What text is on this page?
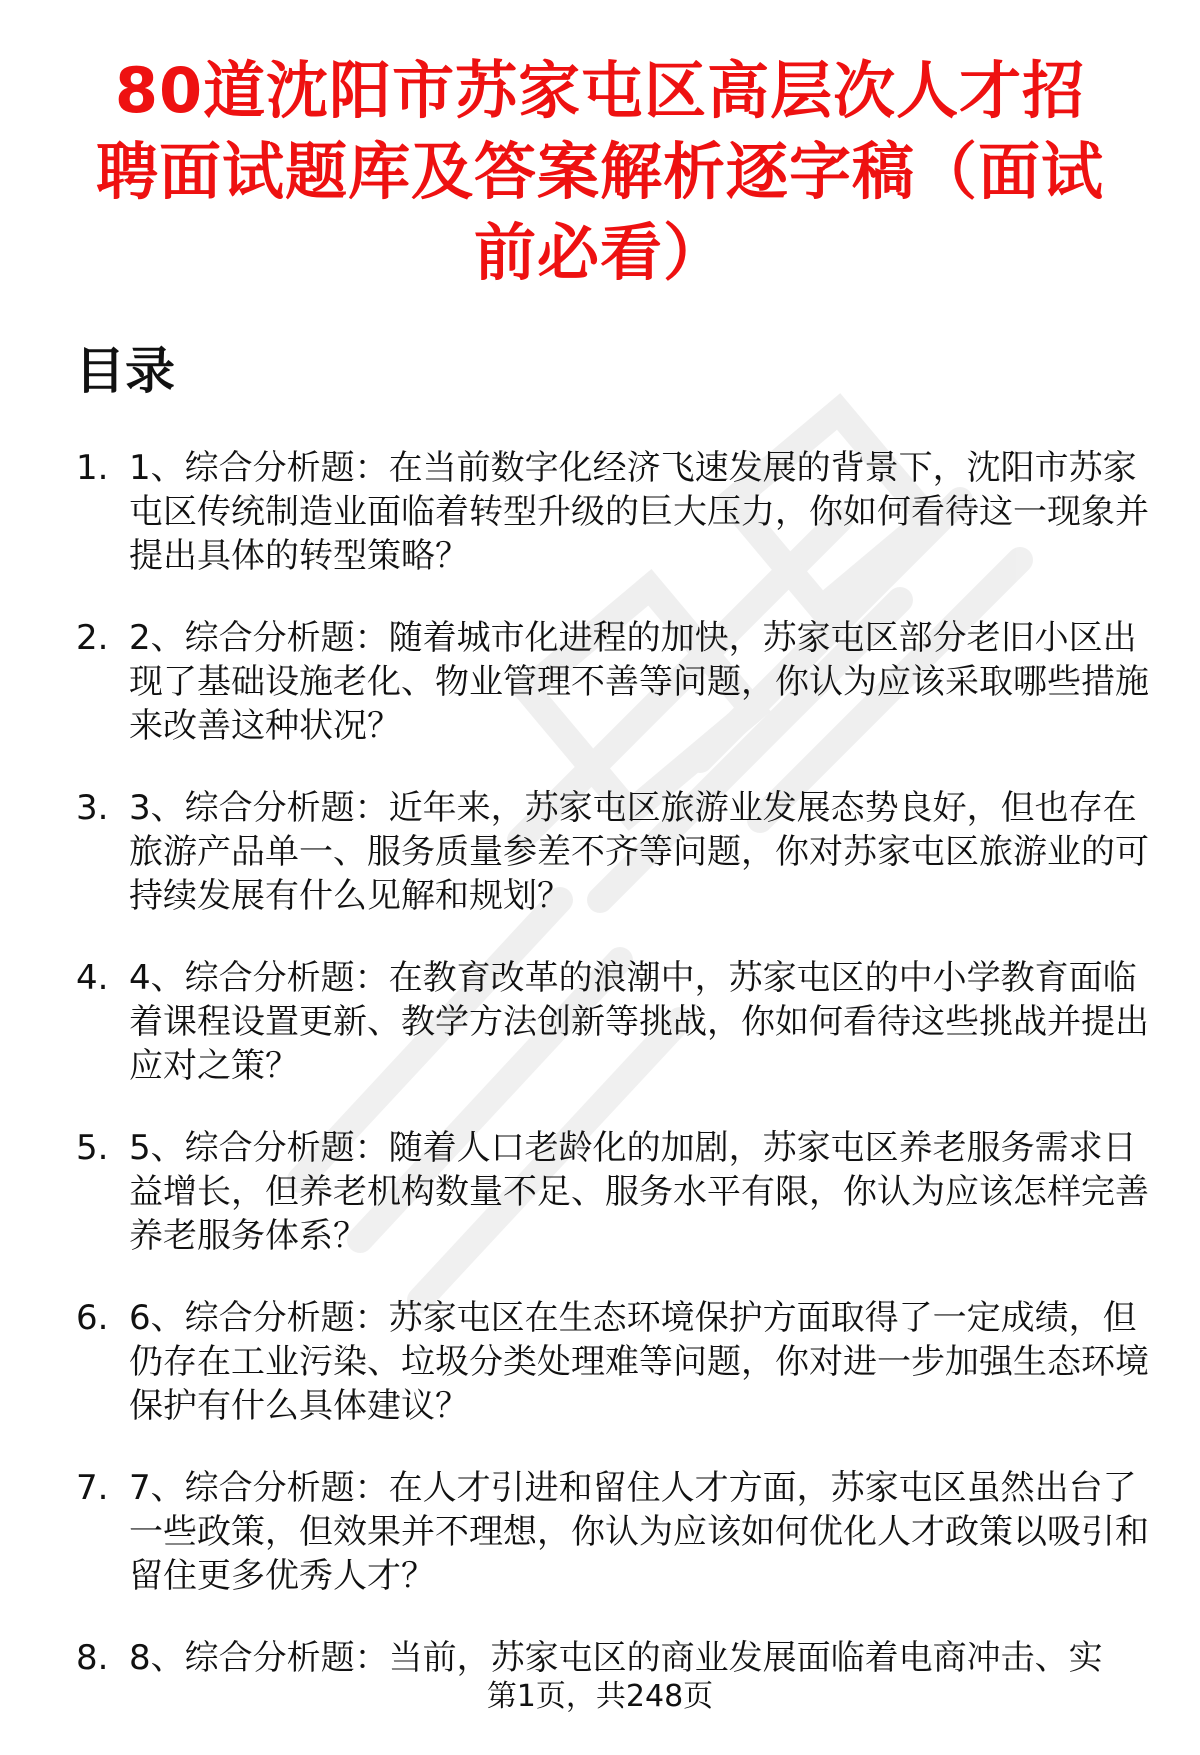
80道沈阳市苏家屯区高层次人才招聘面试题库及答案解析逐字稿（面试前必看）
目录
1. 1、综合分析题：在当前数字化经济飞速发展的背景下，沈阳市苏家屯区传统制造业面临着转型升级的巨大压力，你如何看待这一现象并提出具体的转型策略？
2. 2、综合分析题：随着城市化进程的加快，苏家屯区部分老旧小区出现了基础设施老化、物业管理不善等问题，你认为应该采取哪些措施来改善这种状况？
3. 3、综合分析题：近年来，苏家屯区旅游业发展态势良好，但也存在旅游产品单一、服务质量参差不齐等问题，你对苏家屯区旅游业的可持续发展有什么见解和规划？
4. 4、综合分析题：在教育改革的浪潮中，苏家屯区的中小学教育面临着课程设置更新、教学方法创新等挑战，你如何看待这些挑战并提出应对之策？
5. 5、综合分析题：随着人口老龄化的加剧，苏家屯区养老服务需求日益增长，但养老机构数量不足、服务水平有限，你认为应该怎样完善养老服务体系？
6. 6、综合分析题：苏家屯区在生态环境保护方面取得了一定成绩，但仍存在工业污染、垃圾分类处理难等问题，你对进一步加强生态环境保护有什么具体建议？
7. 7、综合分析题：在人才引进和留住人才方面，苏家屯区虽然出台了一些政策，但效果并不理想，你认为应该如何优化人才政策以吸引和留住更多优秀人才？
8. 8、综合分析题：当前，苏家屯区的商业发展面临着电商冲击、实
第1页，共248页
